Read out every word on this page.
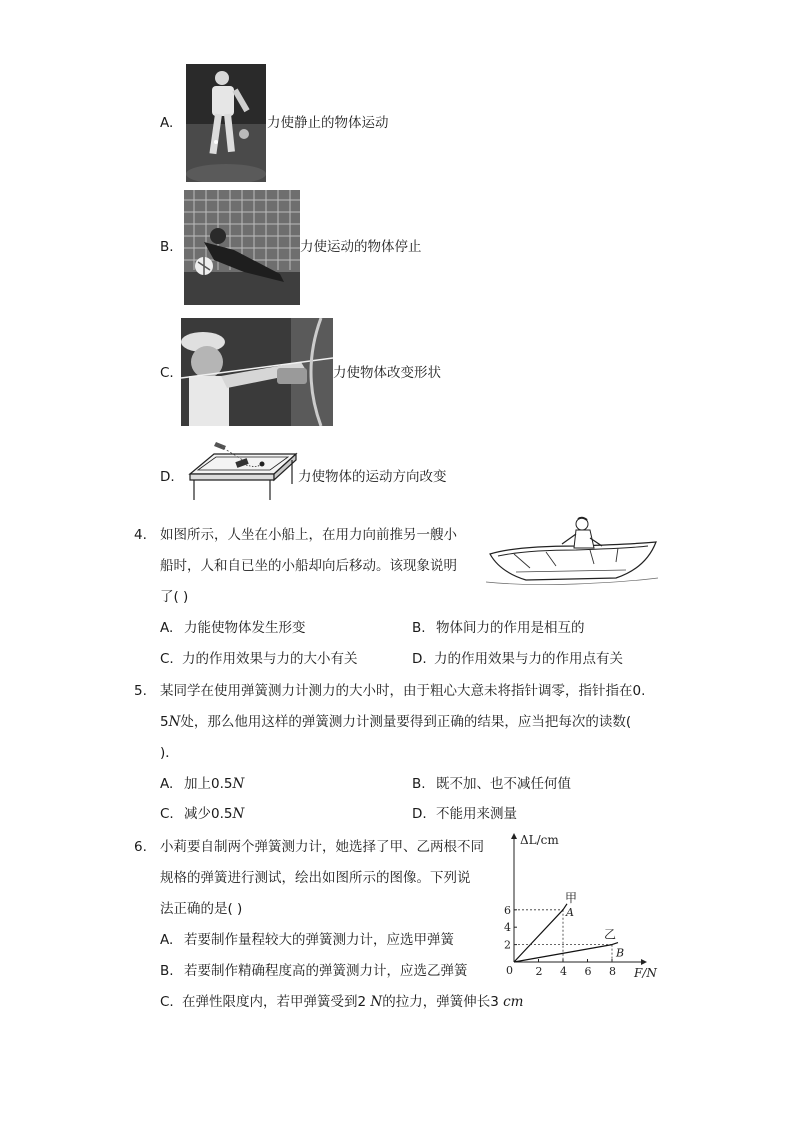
A.	力使静止的物体运动
B.	力使运动的物体停止
C.	力使物体改变形状
D.	力使物体的运动方向改变
4. 如图所示，人坐在小船上，在用力向前推另一艘小
船时，人和自已坐的小船却向后移动。该现象说明
了( )
A. 力能使物体发生形变	B. 物体间力的作用是相互的
C. 力的作用效果与力的大小有关	D. 力的作用效果与力的作用点有关
5. 某同学在使用弹簧测力计测力的大小时，由于粗心大意未将指针调零，指针指在0.
5N处，那么他用这样的弹簧测力计测量要得到正确的结果，应当把每次的读数(
)．
A. 加上0.5N	B. 既不加、也不减任何值
C. 减少0.5N	D. 不能用来测量
6. 小莉要自制两个弹簧测力计，她选择了甲、乙两根不同
规格的弹簧进行测试，绘出如图所示的图像。下列说
法正确的是( )
A. 若要制作量程较大的弹簧测力计，应选甲弹簧
B. 若要制作精确程度高的弹簧测力计，应选乙弹簧
C. 在弹性限度内，若甲弹簧受到2 N的拉力，弹簧伸长3 cm
2 4 6 8
2
4
6
甲
A
乙
B
ΔL/cm
F/N
0
